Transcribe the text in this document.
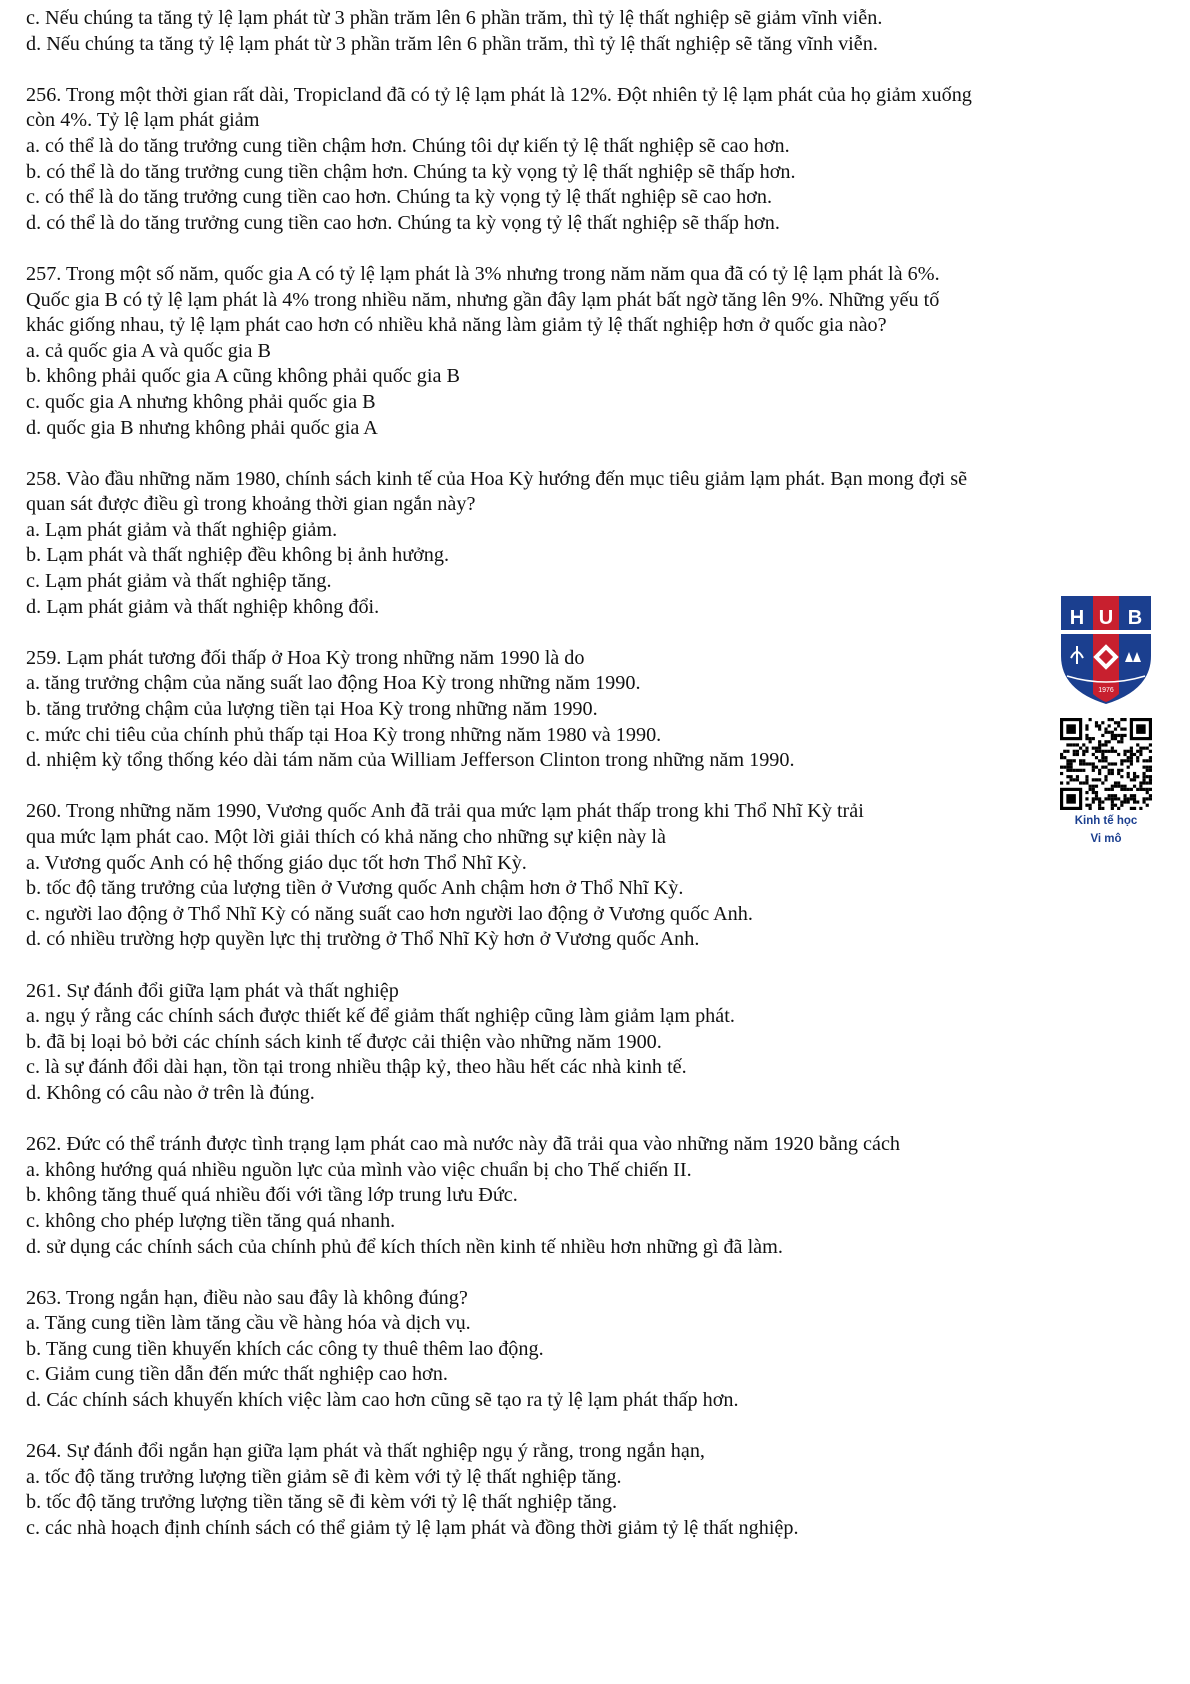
c. Nếu chúng ta tăng tỷ lệ lạm phát từ 3 phần trăm lên 6 phần trăm, thì tỷ lệ thất nghiệp sẽ giảm vĩnh viễn.
d. Nếu chúng ta tăng tỷ lệ lạm phát từ 3 phần trăm lên 6 phần trăm, thì tỷ lệ thất nghiệp sẽ tăng vĩnh viễn.
256. Trong một thời gian rất dài, Tropicland đã có tỷ lệ lạm phát là 12%. Đột nhiên tỷ lệ lạm phát của họ giảm xuống
còn 4%. Tỷ lệ lạm phát giảm
a. có thể là do tăng trưởng cung tiền chậm hơn. Chúng tôi dự kiến tỷ lệ thất nghiệp sẽ cao hơn.
b. có thể là do tăng trưởng cung tiền chậm hơn. Chúng ta kỳ vọng tỷ lệ thất nghiệp sẽ thấp hơn.
c. có thể là do tăng trưởng cung tiền cao hơn. Chúng ta kỳ vọng tỷ lệ thất nghiệp sẽ cao hơn.
d. có thể là do tăng trưởng cung tiền cao hơn. Chúng ta kỳ vọng tỷ lệ thất nghiệp sẽ thấp hơn.
257. Trong một số năm, quốc gia A có tỷ lệ lạm phát là 3% nhưng trong năm năm qua đã có tỷ lệ lạm phát là 6%.
Quốc gia B có tỷ lệ lạm phát là 4% trong nhiều năm, nhưng gần đây lạm phát bất ngờ tăng lên 9%. Những yếu tố
khác giống nhau, tỷ lệ lạm phát cao hơn có nhiều khả năng làm giảm tỷ lệ thất nghiệp hơn ở quốc gia nào?
a. cả quốc gia A và quốc gia B
b. không phải quốc gia A cũng không phải quốc gia B
c. quốc gia A nhưng không phải quốc gia B
d. quốc gia B nhưng không phải quốc gia A
258. Vào đầu những năm 1980, chính sách kinh tế của Hoa Kỳ hướng đến mục tiêu giảm lạm phát. Bạn mong đợi sẽ
quan sát được điều gì trong khoảng thời gian ngắn này?
a. Lạm phát giảm và thất nghiệp giảm.
b. Lạm phát và thất nghiệp đều không bị ảnh hưởng.
c. Lạm phát giảm và thất nghiệp tăng.
d. Lạm phát giảm và thất nghiệp không đổi.
259. Lạm phát tương đối thấp ở Hoa Kỳ trong những năm 1990 là do
a. tăng trưởng chậm của năng suất lao động Hoa Kỳ trong những năm 1990.
b. tăng trưởng chậm của lượng tiền tại Hoa Kỳ trong những năm 1990.
c. mức chi tiêu của chính phủ thấp tại Hoa Kỳ trong những năm 1980 và 1990.
d. nhiệm kỳ tổng thống kéo dài tám năm của William Jefferson Clinton trong những năm 1990.
260. Trong những năm 1990, Vương quốc Anh đã trải qua mức lạm phát thấp trong khi Thổ Nhĩ Kỳ trải
qua mức lạm phát cao. Một lời giải thích có khả năng cho những sự kiện này là
a. Vương quốc Anh có hệ thống giáo dục tốt hơn Thổ Nhĩ Kỳ.
b. tốc độ tăng trưởng của lượng tiền ở Vương quốc Anh chậm hơn ở Thổ Nhĩ Kỳ.
c. người lao động ở Thổ Nhĩ Kỳ có năng suất cao hơn người lao động ở Vương quốc Anh.
d. có nhiều trường hợp quyền lực thị trường ở Thổ Nhĩ Kỳ hơn ở Vương quốc Anh.
261. Sự đánh đổi giữa lạm phát và thất nghiệp
a. ngụ ý rằng các chính sách được thiết kế để giảm thất nghiệp cũng làm giảm lạm phát.
b. đã bị loại bỏ bởi các chính sách kinh tế được cải thiện vào những năm 1900.
c. là sự đánh đổi dài hạn, tồn tại trong nhiều thập kỷ, theo hầu hết các nhà kinh tế.
d. Không có câu nào ở trên là đúng.
262. Đức có thể tránh được tình trạng lạm phát cao mà nước này đã trải qua vào những năm 1920 bằng cách
a. không hướng quá nhiều nguồn lực của mình vào việc chuẩn bị cho Thế chiến II.
b. không tăng thuế quá nhiều đối với tầng lớp trung lưu Đức.
c. không cho phép lượng tiền tăng quá nhanh.
d. sử dụng các chính sách của chính phủ để kích thích nền kinh tế nhiều hơn những gì đã làm.
263. Trong ngắn hạn, điều nào sau đây là không đúng?
a. Tăng cung tiền làm tăng cầu về hàng hóa và dịch vụ.
b. Tăng cung tiền khuyến khích các công ty thuê thêm lao động.
c. Giảm cung tiền dẫn đến mức thất nghiệp cao hơn.
d. Các chính sách khuyến khích việc làm cao hơn cũng sẽ tạo ra tỷ lệ lạm phát thấp hơn.
264. Sự đánh đổi ngắn hạn giữa lạm phát và thất nghiệp ngụ ý rằng, trong ngắn hạn,
a. tốc độ tăng trưởng lượng tiền giảm sẽ đi kèm với tỷ lệ thất nghiệp tăng.
b. tốc độ tăng trưởng lượng tiền tăng sẽ đi kèm với tỷ lệ thất nghiệp tăng.
c. các nhà hoạch định chính sách có thể giảm tỷ lệ lạm phát và đồng thời giảm tỷ lệ thất nghiệp.
H U B
1976
Kinh tế học
Vi mô
